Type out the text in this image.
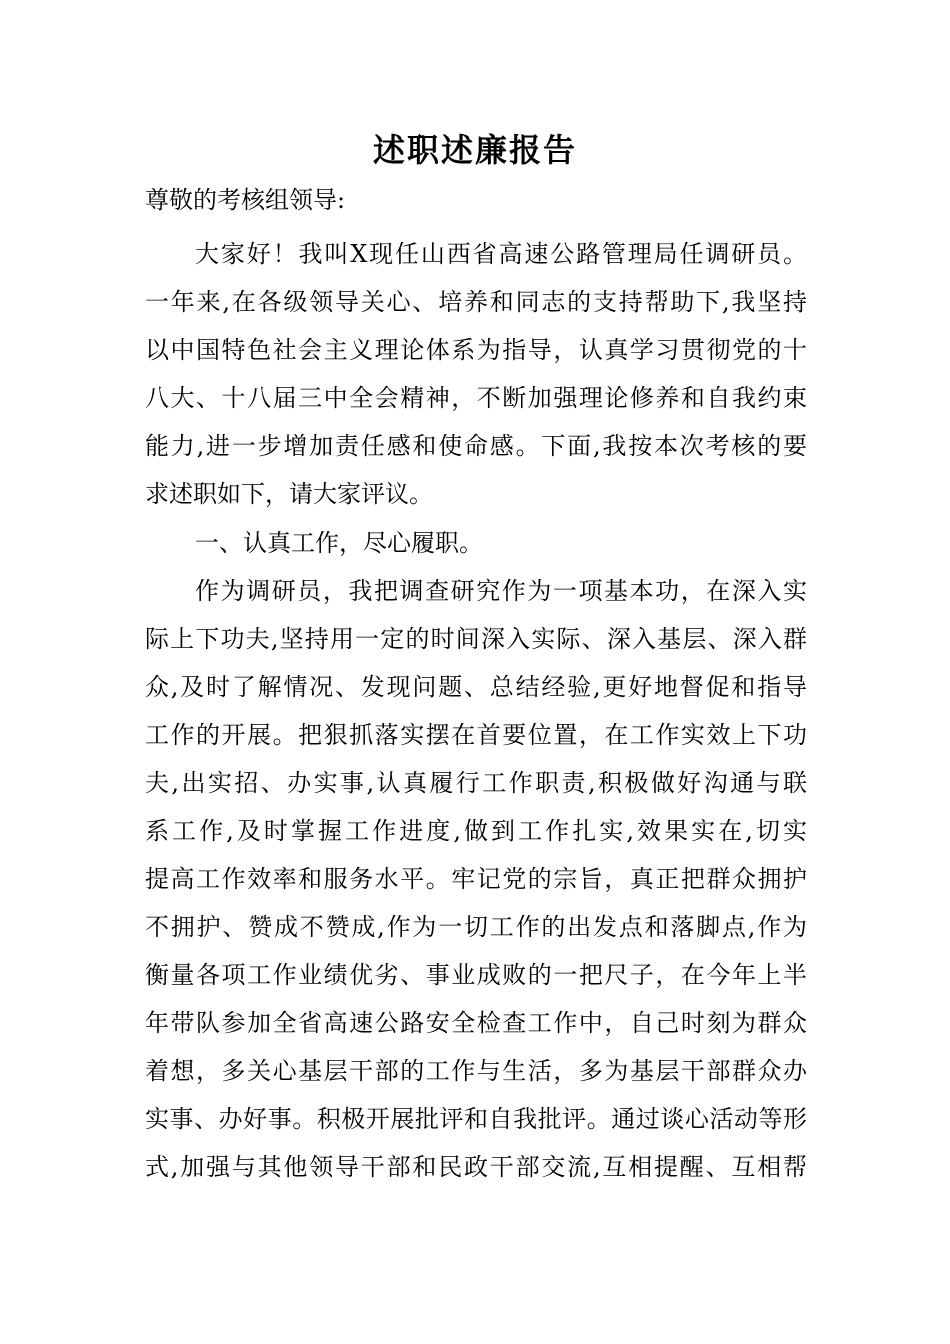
述职述廉报告
尊敬的考核组领导:
大家好！我叫X现任山西省高速公路管理局任调研员。
一年来,在各级领导关心、培养和同志的支持帮助下,我坚持
以中国特色社会主义理论体系为指导，认真学习贯彻党的十
八大、十八届三中全会精神，不断加强理论修养和自我约束
能力,进一步增加责任感和使命感。下面,我按本次考核的要
求述职如下，请大家评议。
一、认真工作，尽心履职。
作为调研员，我把调查研究作为一项基本功，在深入实
际上下功夫,坚持用一定的时间深入实际、深入基层、深入群
众,及时了解情况、发现问题、总结经验,更好地督促和指导
工作的开展。把狠抓落实摆在首要位置，在工作实效上下功
夫,出实招、办实事,认真履行工作职责,积极做好沟通与联
系工作,及时掌握工作进度,做到工作扎实,效果实在,切实
提高工作效率和服务水平。牢记党的宗旨，真正把群众拥护
不拥护、赞成不赞成,作为一切工作的出发点和落脚点,作为
衡量各项工作业绩优劣、事业成败的一把尺子，在今年上半
年带队参加全省高速公路安全检查工作中，自己时刻为群众
着想，多关心基层干部的工作与生活，多为基层干部群众办
实事、办好事。积极开展批评和自我批评。通过谈心活动等形
式,加强与其他领导干部和民政干部交流,互相提醒、互相帮
